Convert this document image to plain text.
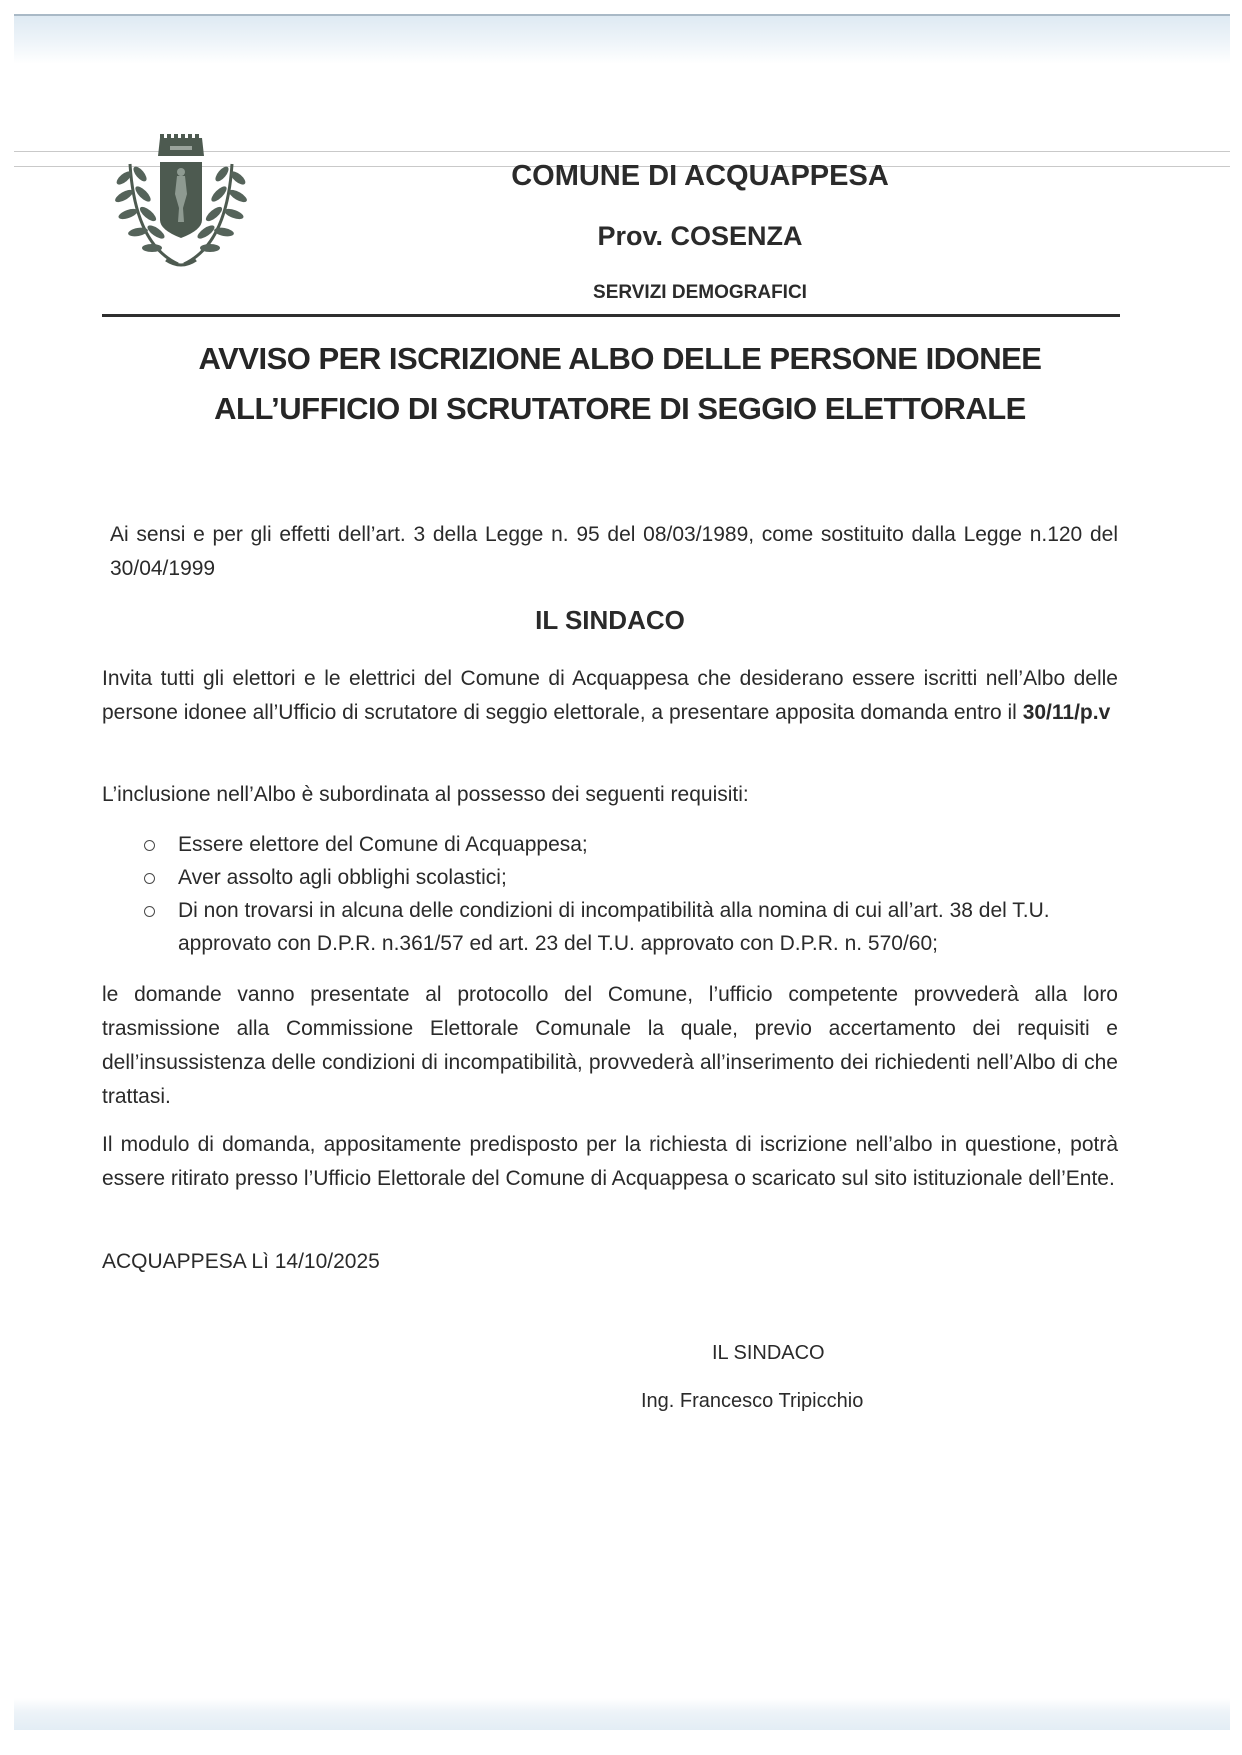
COMUNE DI ACQUAPPESA
Prov. COSENZA
SERVIZI DEMOGRAFICI
AVVISO PER ISCRIZIONE ALBO DELLE PERSONE IDONEE
ALL’UFFICIO DI SCRUTATORE DI SEGGIO ELETTORALE
Ai sensi e per gli effetti dell’art. 3 della Legge n. 95 del 08/03/1989, come sostituito dalla Legge n.120 del 30/04/1999
IL SINDACO
Invita tutti gli elettori e le elettrici del Comune di Acquappesa che desiderano essere iscritti nell’Albo delle persone idonee all’Ufficio di scrutatore di seggio elettorale, a presentare apposita domanda entro il 30/11/p.v
L’inclusione nell’Albo è subordinata al possesso dei seguenti requisiti:
Essere elettore del Comune di Acquappesa;
Aver assolto agli obblighi scolastici;
Di non trovarsi in alcuna delle condizioni di incompatibilità alla nomina di cui all’art. 38 del T.U. approvato con D.P.R. n.361/57 ed art. 23 del T.U. approvato con D.P.R. n. 570/60;
le domande vanno presentate al protocollo del Comune, l’ufficio competente provvederà alla loro trasmissione alla Commissione Elettorale Comunale la quale, previo accertamento dei requisiti e dell’insussistenza delle condizioni di incompatibilità, provvederà all’inserimento dei richiedenti nell’Albo di che trattasi.
Il modulo di domanda, appositamente predisposto per la richiesta di iscrizione nell’albo in questione, potrà essere ritirato presso l’Ufficio Elettorale del Comune di Acquappesa o scaricato sul sito istituzionale dell’Ente.
ACQUAPPESA Lì 14/10/2025
IL SINDACO
Ing. Francesco Tripicchio
